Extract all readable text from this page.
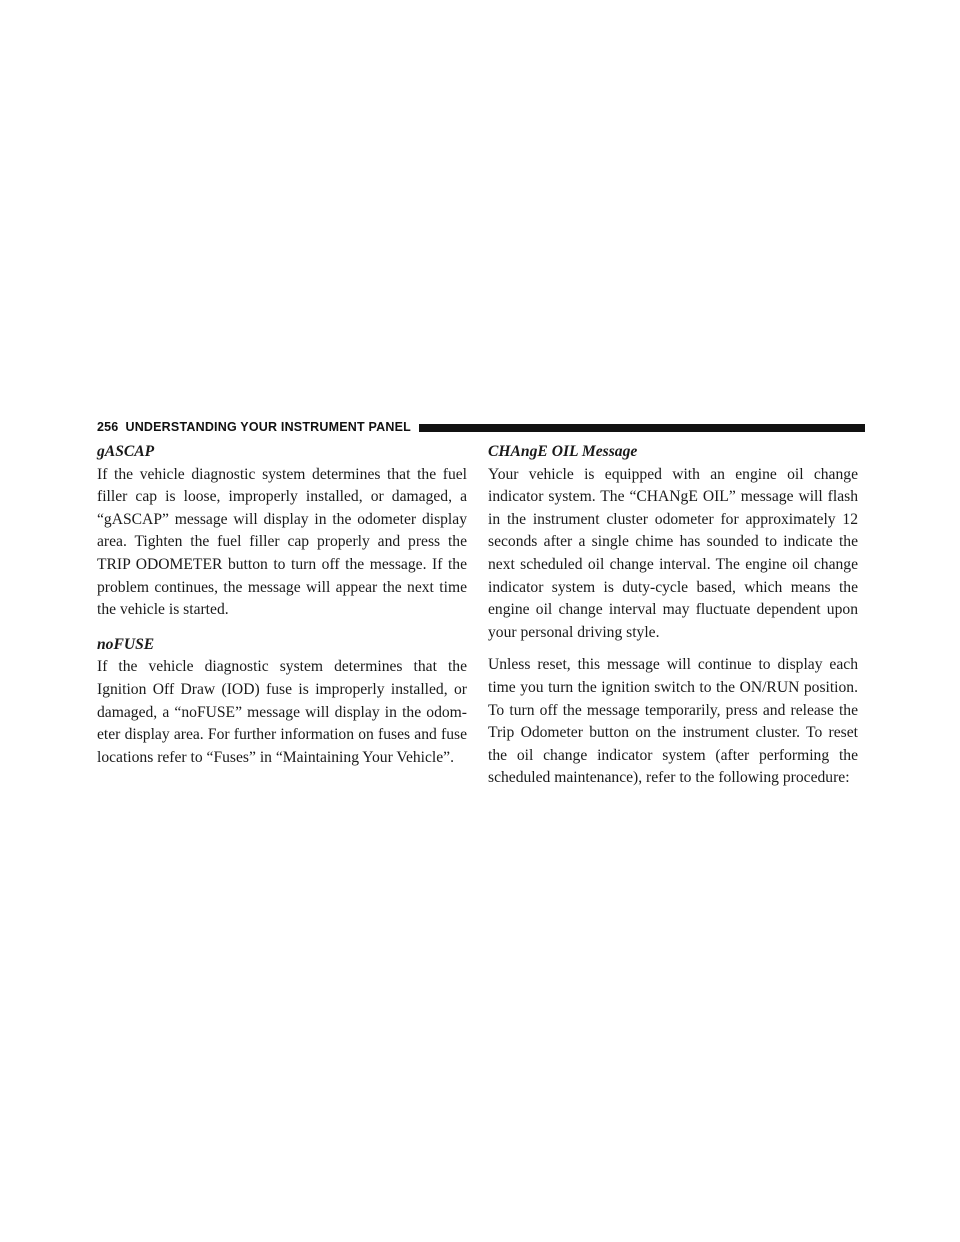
256 UNDERSTANDING YOUR INSTRUMENT PANEL

gASCAP

If the vehicle diagnostic system determines that the fuel filler cap is loose, improperly installed, or damaged, a “gASCAP” message will display in the odometer display area. Tighten the fuel filler cap properly and press the TRIP ODOMETER button to turn off the message. If the problem continues, the message will appear the next time the vehicle is started.

noFUSE

If the vehicle diagnostic system determines that the Ignition Off Draw (IOD) fuse is improperly installed, or damaged, a “noFUSE” message will display in the odom-eter display area. For further information on fuses and fuse locations refer to “Fuses” in “Maintaining Your Vehicle”.

CHAngE OIL Message

Your vehicle is equipped with an engine oil change indicator system. The “CHANgE OIL” message will flash in the instrument cluster odometer for approximately 12 seconds after a single chime has sounded to indicate the next scheduled oil change interval. The engine oil change indicator system is duty-cycle based, which means the engine oil change interval may fluctuate dependent upon your personal driving style.

Unless reset, this message will continue to display each time you turn the ignition switch to the ON/RUN position. To turn off the message temporarily, press and release the Trip Odometer button on the instrument cluster. To reset the oil change indicator system (after performing the scheduled maintenance), refer to the following procedure:
